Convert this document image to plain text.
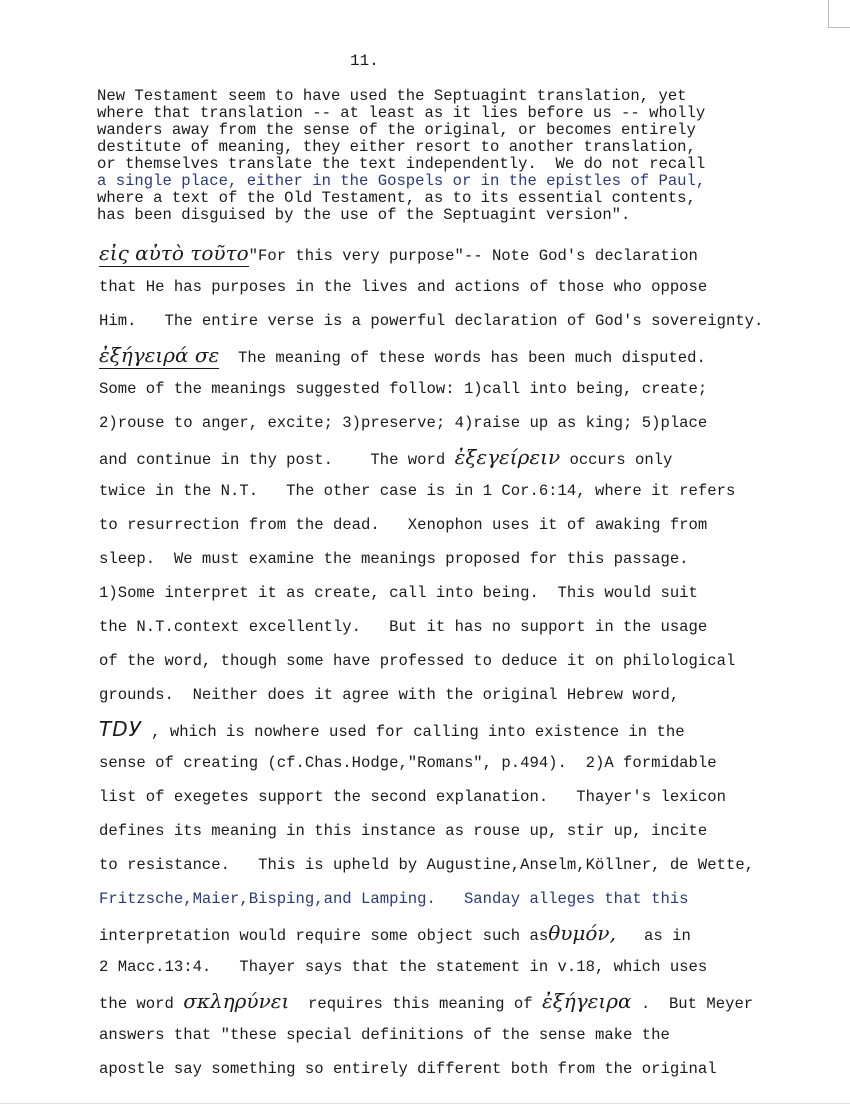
11.
New Testament seem to have used the Septuagint translation, yet
where that translation -- at least as it lies before us -- wholly
wanders away from the sense of the original, or becomes entirely
destitute of meaning, they either resort to another translation,
or themselves translate the text independently.  We do not recall
a single place, either in the Gospels or in the epistles of Paul,
where a text of the Old Testament, as to its essential contents,
has been disguised by the use of the Septuagint version".
εἰς αὐτὸ τοῦτο"For this very purpose"-- Note God's declaration
that He has purposes in the lives and actions of those who oppose
Him.   The entire verse is a powerful declaration of God's sovereignty.
ἐξήγειρά σε  The meaning of these words has been much disputed.
Some of the meanings suggested follow: 1)call into being, create;
2)rouse to anger, excite; 3)preserve; 4)raise up as king; 5)place
and continue in thy post.    The word ἐξεγείρειν occurs only
twice in the N.T.   The other case is in 1 Cor.6:14, where it refers
to resurrection from the dead.   Xenophon uses it of awaking from
sleep.  We must examine the meanings proposed for this passage.
1)Some interpret it as create, call into being.  This would suit
the N.T.context excellently.   But it has no support in the usage
of the word, though some have professed to deduce it on philological
grounds.  Neither does it agree with the original Hebrew word,
ΤDУ , which is nowhere used for calling into existence in the
sense of creating (cf.Chas.Hodge,"Romans", p.494).  2)A formidable
list of exegetes support the second explanation.   Thayer's lexicon
defines its meaning in this instance as rouse up, stir up, incite
to resistance.   This is upheld by Augustine,Anselm,Köllner, de Wette,
Fritzsche,Maier,Bisping,and Lamping.   Sanday alleges that this
interpretation would require some object such asθυμόν,   as in
2 Macc.13:4.   Thayer says that the statement in v.18, which uses
the word σκληρύνει  requires this meaning of ἐξήγειρα .  But Meyer
answers that "these special definitions of the sense make the
apostle say something so entirely different both from the original
